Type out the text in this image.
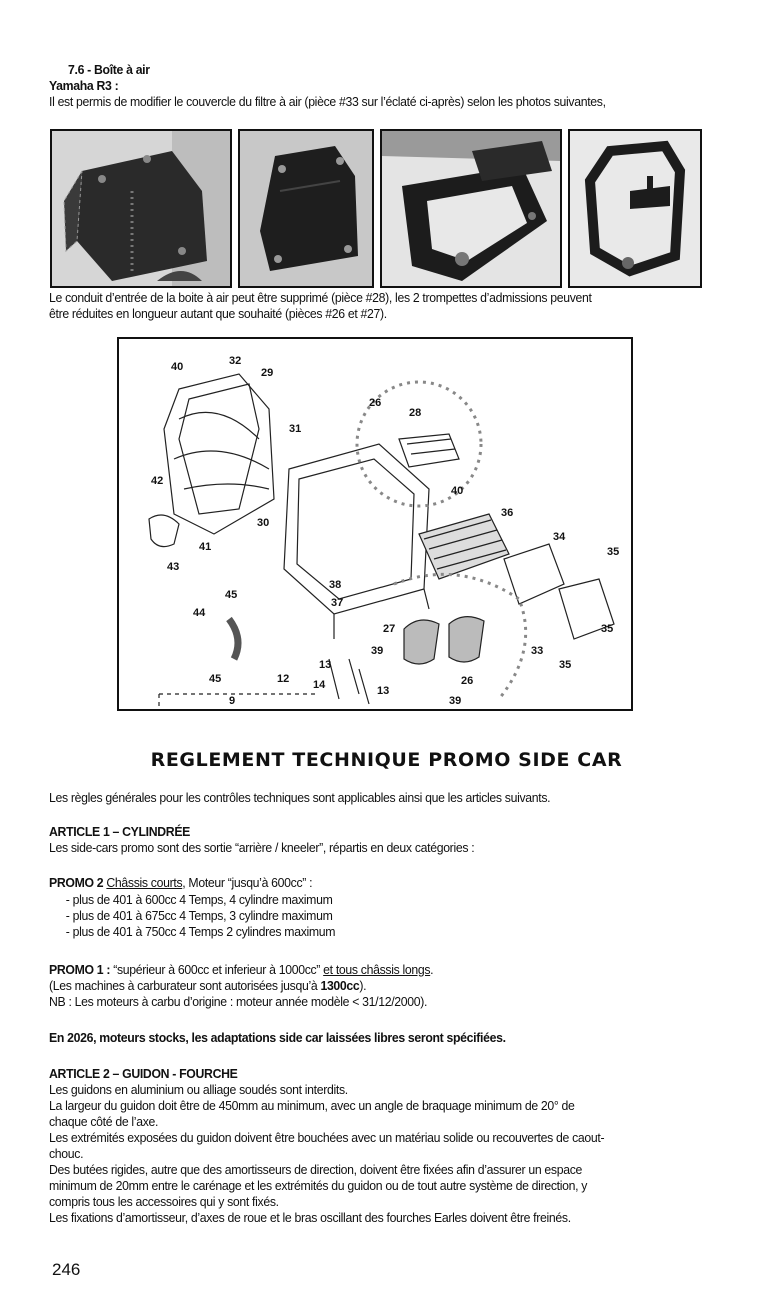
7.6 - Boîte à air
Yamaha R3 :
Il est permis de modifier le couvercle du filtre à air (pièce #33 sur l’éclaté ci-après) selon les photos suivantes,
Le conduit d’entrée de la boite à air peut être supprimé (pièce #28), les 2 trompettes d’admissions peuvent
être réduites en longueur autant que souhaité (pièces #26 et #27).
40	32
29
26
28
31
42
30
41
43
40
36
34
35
38
37
45
44
27
39
26
33
35
35
13
12 14	13
45
9	39
REGLEMENT TECHNIQUE PROMO SIDE CAR
Les règles générales pour les contrôles techniques sont applicables ainsi que les articles suivants.
ARTICLE 1 – CYLINDRÉE
Les side-cars promo sont des sortie “arrière / kneeler”, répartis en deux catégories :
PROMO 2 Châssis courts, Moteur “jusqu’à 600cc” :
- plus de 401 à 600cc 4 Temps, 4 cylindre maximum
- plus de 401 à 675cc 4 Temps, 3 cylindre maximum
- plus de 401 à 750cc 4 Temps 2 cylindres maximum
PROMO 1 : “supérieur à 600cc et inferieur à 1000cc” et tous châssis longs.
(Les machines à carburateur sont autorisées jusqu’à 1300cc).
NB : Les moteurs à carbu d’origine : moteur année modèle < 31/12/2000).
En 2026, moteurs stocks, les adaptations side car laissées libres seront spécifiées.
ARTICLE 2 – GUIDON - FOURCHE
Les guidons en aluminium ou alliage soudés sont interdits.
La largeur du guidon doit être de 450mm au minimum, avec un angle de braquage minimum de 20° de
chaque côté de l’axe.
Les extrémités exposées du guidon doivent être bouchées avec un matériau solide ou recouvertes de caout-
chouc.
Des butées rigides, autre que des amortisseurs de direction, doivent être fixées afin d’assurer un espace
minimum de 20mm entre le carénage et les extrémités du guidon ou de tout autre système de direction, y
compris tous les accessoires qui y sont fixés.
Les fixations d’amortisseur, d’axes de roue et le bras oscillant des fourches Earles doivent être freinés.
246
